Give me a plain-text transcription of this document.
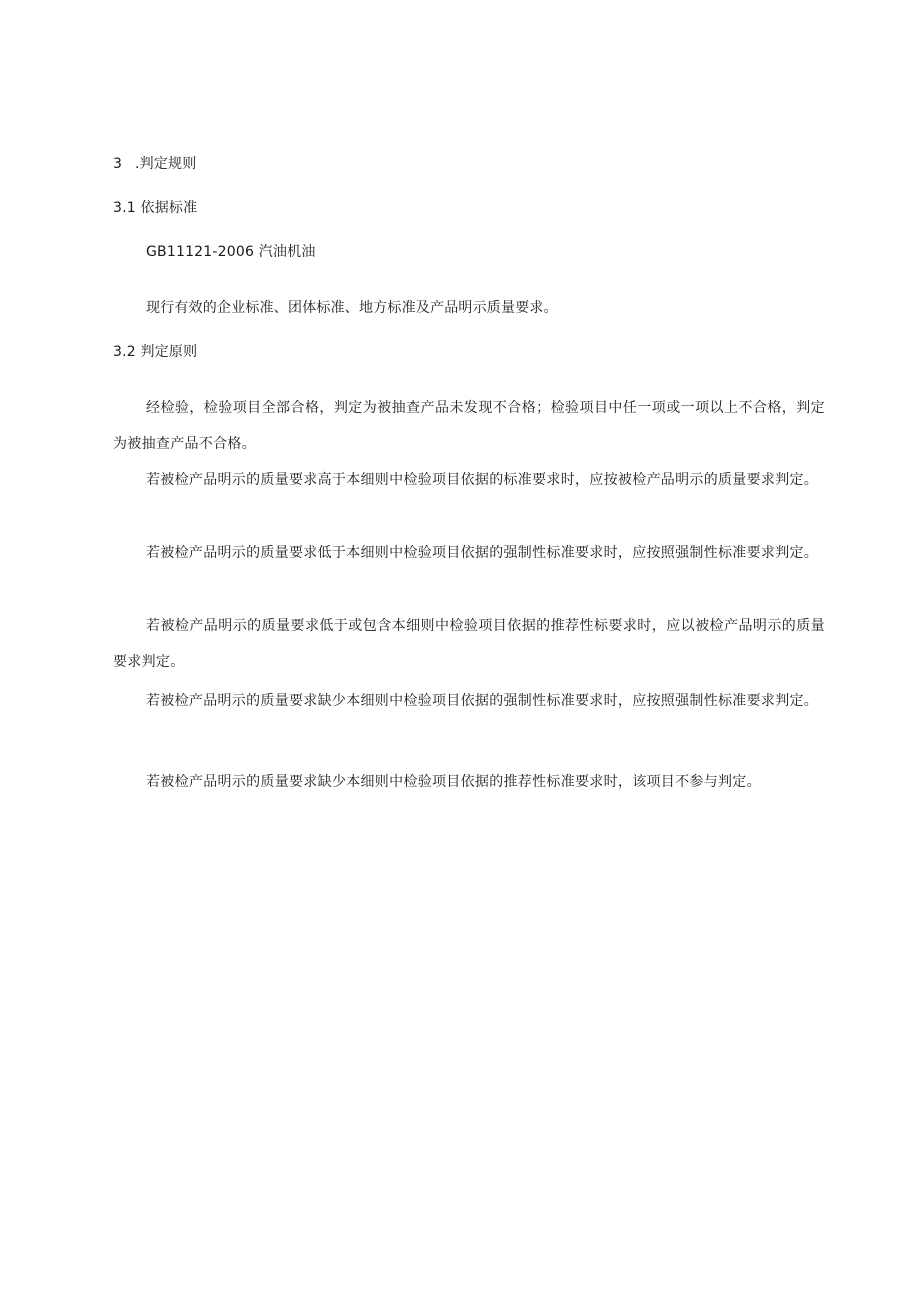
3 .判定规则
3.1 依据标准
GB11121-2006 汽油机油
现行有效的企业标准、团体标准、地方标准及产品明示质量要求。
3.2 判定原则
经检验，检验项目全部合格，判定为被抽查产品未发现不合格；检验项目中任一项或一项以上不合格，判定为被抽查产品不合格。
若被检产品明示的质量要求高于本细则中检验项目依据的标准要求时，应按被检产品明示的质量要求判定。
若被检产品明示的质量要求低于本细则中检验项目依据的强制性标准要求时，应按照强制性标准要求判定。
若被检产品明示的质量要求低于或包含本细则中检验项目依据的推荐性标要求时，应以被检产品明示的质量要求判定。
若被检产品明示的质量要求缺少本细则中检验项目依据的强制性标准要求时，应按照强制性标准要求判定。
若被检产品明示的质量要求缺少本细则中检验项目依据的推荐性标准要求时，该项目不参与判定。
